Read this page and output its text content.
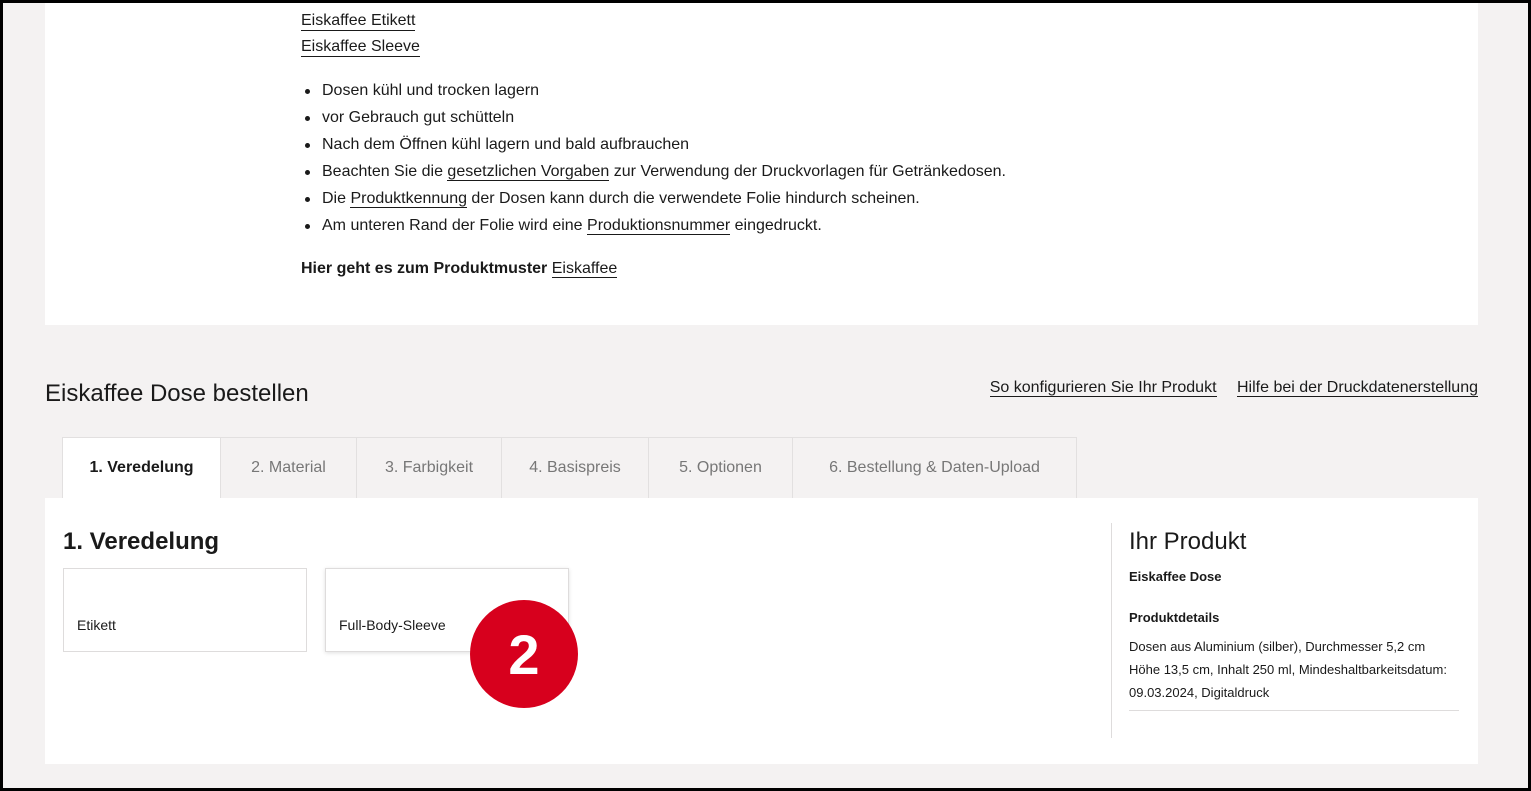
Eiskaffee Etikett
Eiskaffee Sleeve
Dosen kühl und trocken lagern
vor Gebrauch gut schütteln
Nach dem Öffnen kühl lagern und bald aufbrauchen
Beachten Sie die gesetzlichen Vorgaben zur Verwendung der Druckvorlagen für Getränkedosen.
Die Produktkennung der Dosen kann durch die verwendete Folie hindurch scheinen.
Am unteren Rand der Folie wird eine Produktionsnummer eingedruckt.
Hier geht es zum Produktmuster Eiskaffee
Eiskaffee Dose bestellen	So konfigurieren Sie Ihr Produkt Hilfe bei der Druckdatenerstellung
1. Veredelung	2. Material	3. Farbigkeit	4. Basispreis	5. Optionen	6. Bestellung & Daten-Upload
1. Veredelung
Etikett	Full-Body-Sleeve	2
Ihr Produkt
Eiskaffee Dose
Produktdetails
Dosen aus Aluminium (silber), Durchmesser 5,2 cm Höhe 13,5 cm, Inhalt 250 ml, Mindeshaltbarkeitsdatum: 09.03.2024, Digitaldruck
